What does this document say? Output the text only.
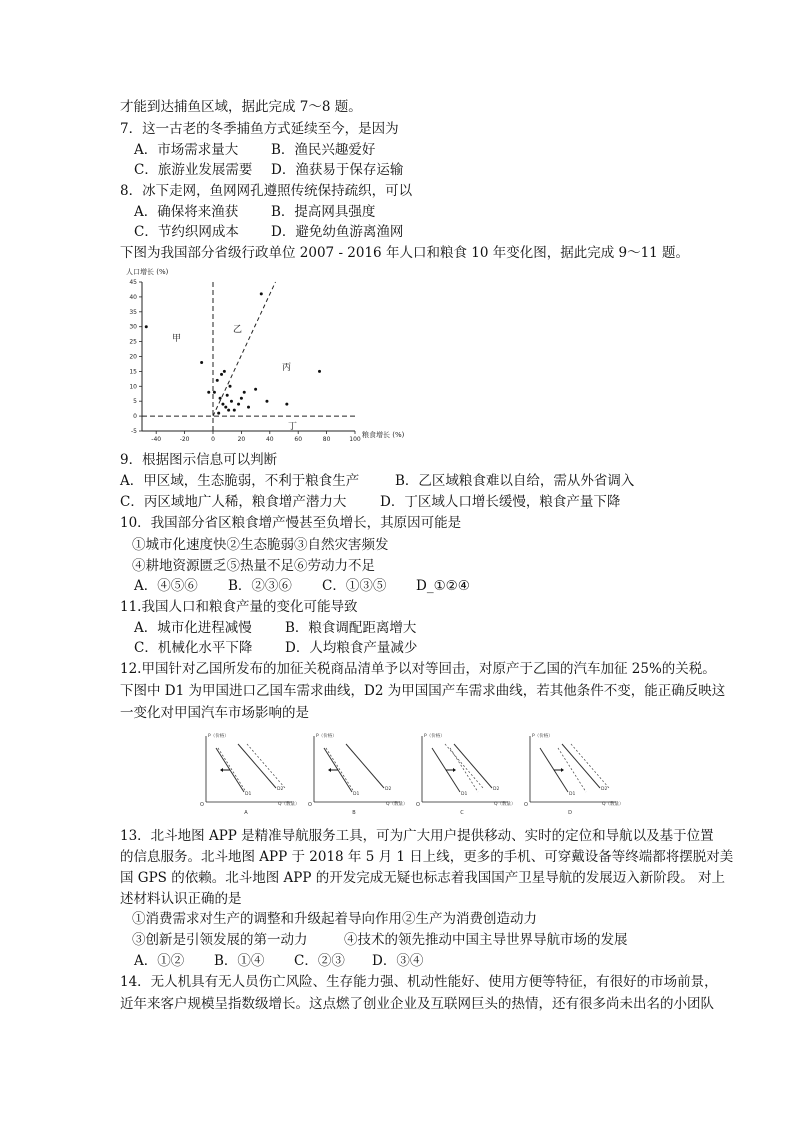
才能到达捕鱼区域，据此完成 7～8 题。
7．这一古老的冬季捕鱼方式延续至今，是因为
A．市场需求量大 B．渔民兴趣爱好
C．旅游业发展需要 D．渔获易于保存运输
8．冰下走网，鱼网网孔遵照传统保持疏织，可以
A．确保将来渔获 B．提高网具强度
C．节约织网成本 D．避免幼鱼游离渔网
下图为我国部分省级行政单位 2007 - 2016 年人口和粮食 10 年变化图，据此完成 9～11 题。
人口增长 (%)
粮食增长 (%)
-40	-20	0	20	40	60	80	100
-5
0
5
10
15
20
25
30
35
40
45
甲
乙
丙
丁
9．根据图示信息可以判断
A．甲区域，生态脆弱，不利于粮食生产	B．乙区域粮食难以自给，需从外省调入
C．丙区域地广人稀，粮食增产潜力大 D．丁区域人口增长缓慢，粮食产量下降
10．我国部分省区粮食增产慢甚至负增长，其原因可能是
①城市化速度快②生态脆弱③自然灾害频发
④耕地资源匮乏⑤热量不足⑥劳动力不足
A．④⑤⑥ B．②③⑥ C．①③⑤ D_①②④
11.我国人口和粮食产量的变化可能导致
A．城市化进程减慢 B．粮食调配距离增大
C．机械化水平下降 D．人均粮食产量减少
12.甲国针对乙国所发布的加征关税商品清单予以对等回击，对原产于乙国的汽车加征 25%的关税。
下图中 D1 为甲国进口乙国车需求曲线，D2 为甲国国产车需求曲线，若其他条件不变，能正确反映这
一变化对甲国汽车市场影响的是
P（价格）
Q（数量）
O
D1
D2
A
P（价格）
Q（数量）
O
D1
D2
B
P（价格）
Q（数量）
O
D1
D2
C
P（价格）
Q（数量）
O
D1
D2
D
13．北斗地图 APP 是精准导航服务工具，可为广大用户提供移动、实时的定位和导航以及基于位置
的信息服务。北斗地图 APP 于 2018 年 5 月 1 日上线，更多的手机、可穿戴设备等终端都将摆脱对美
国 GPS 的依赖。北斗地图 APP 的开发完成无疑也标志着我国国产卫星导航的发展迈入新阶段。 对上
述材料认识正确的是
①消费需求对生产的调整和升级起着导向作用②生产为消费创造动力
③创新是引领发展的第一动力	④技术的领先推动中国主导世界导航市场的发展
A．①② B．①④ C．②③ D．③④
14．无人机具有无人员伤亡风险、生存能力强、机动性能好、使用方便等特征，有很好的市场前景，
近年来客户规模呈指数级增长。这点燃了创业企业及互联网巨头的热情，还有很多尚未出名的小团队
